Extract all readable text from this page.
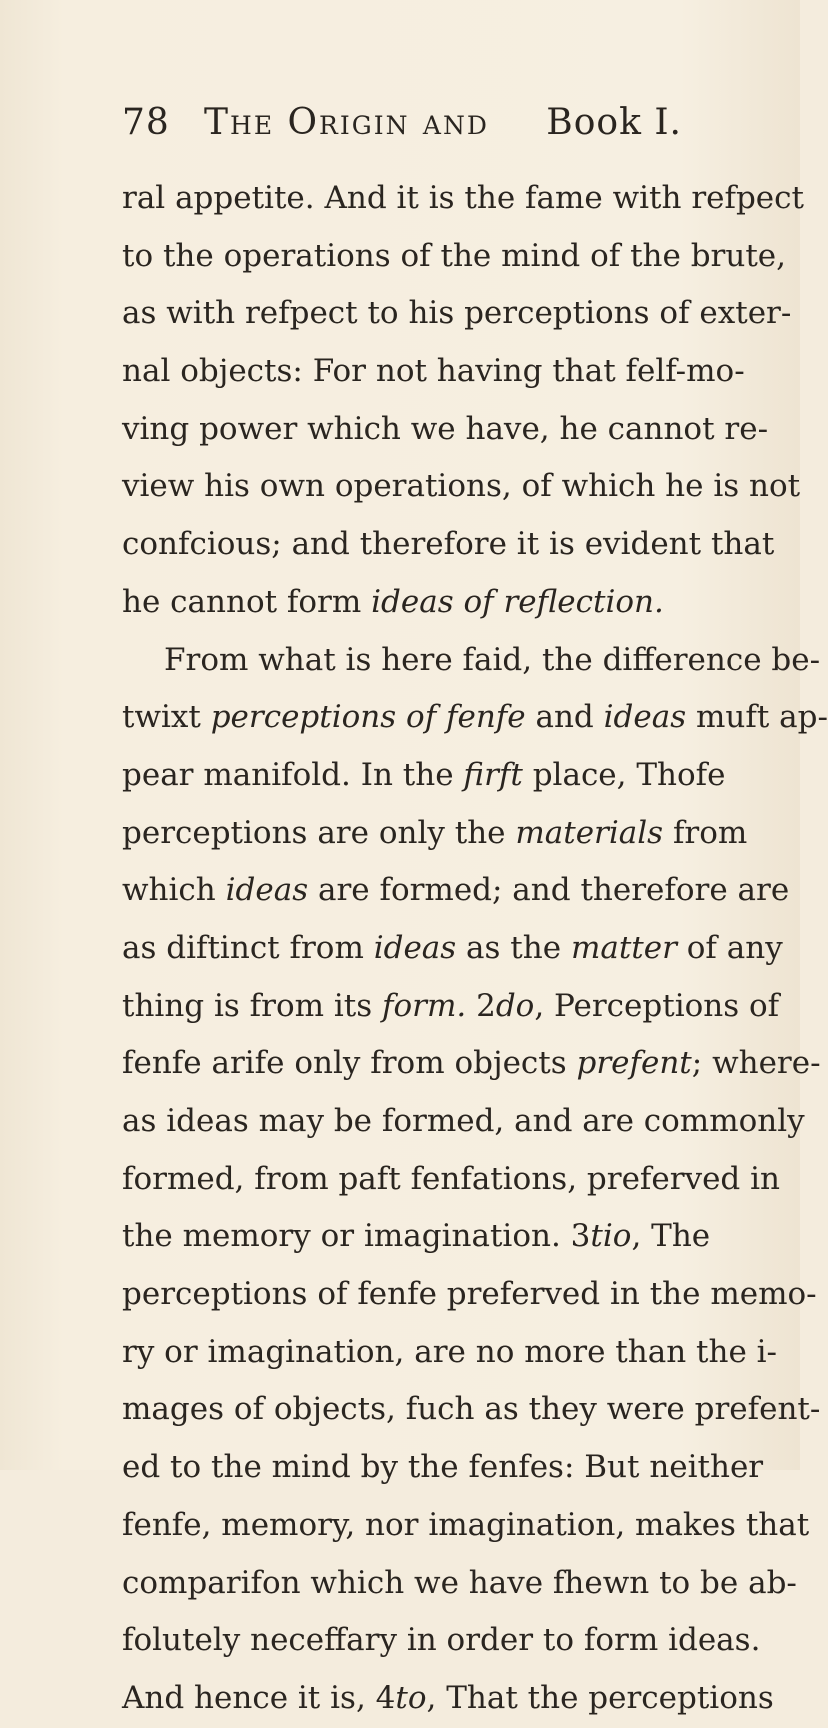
78 The Origin and Book I.
ral appetite. And it is the fame with refpect
to the operations of the mind of the brute,
as with refpect to his perceptions of exter-
nal objects: For not having that felf-mo-
ving power which we have, he cannot re-
view his own operations, of which he is not
confcious; and therefore it is evident that
he cannot form ideas of reflection.
From what is here faid, the difference be-
twixt perceptions of fenfe and ideas muft ap-
pear manifold. In the firft place, Thofe
perceptions are only the materials from
which ideas are formed; and therefore are
as diftinct from ideas as the matter of any
thing is from its form. 2do, Perceptions of
fenfe arife only from objects prefent; where-
as ideas may be formed, and are commonly
formed, from paft fenfations, preferved in
the memory or imagination. 3tio, The
perceptions of fenfe preferved in the memo-
ry or imagination, are no more than the i-
mages of objects, fuch as they were prefent-
ed to the mind by the fenfes: But neither
fenfe, memory, nor imagination, makes that
comparifon which we have fhewn to be ab-
folutely neceffary in order to form ideas.
And hence it is, 4to, That the perceptions
